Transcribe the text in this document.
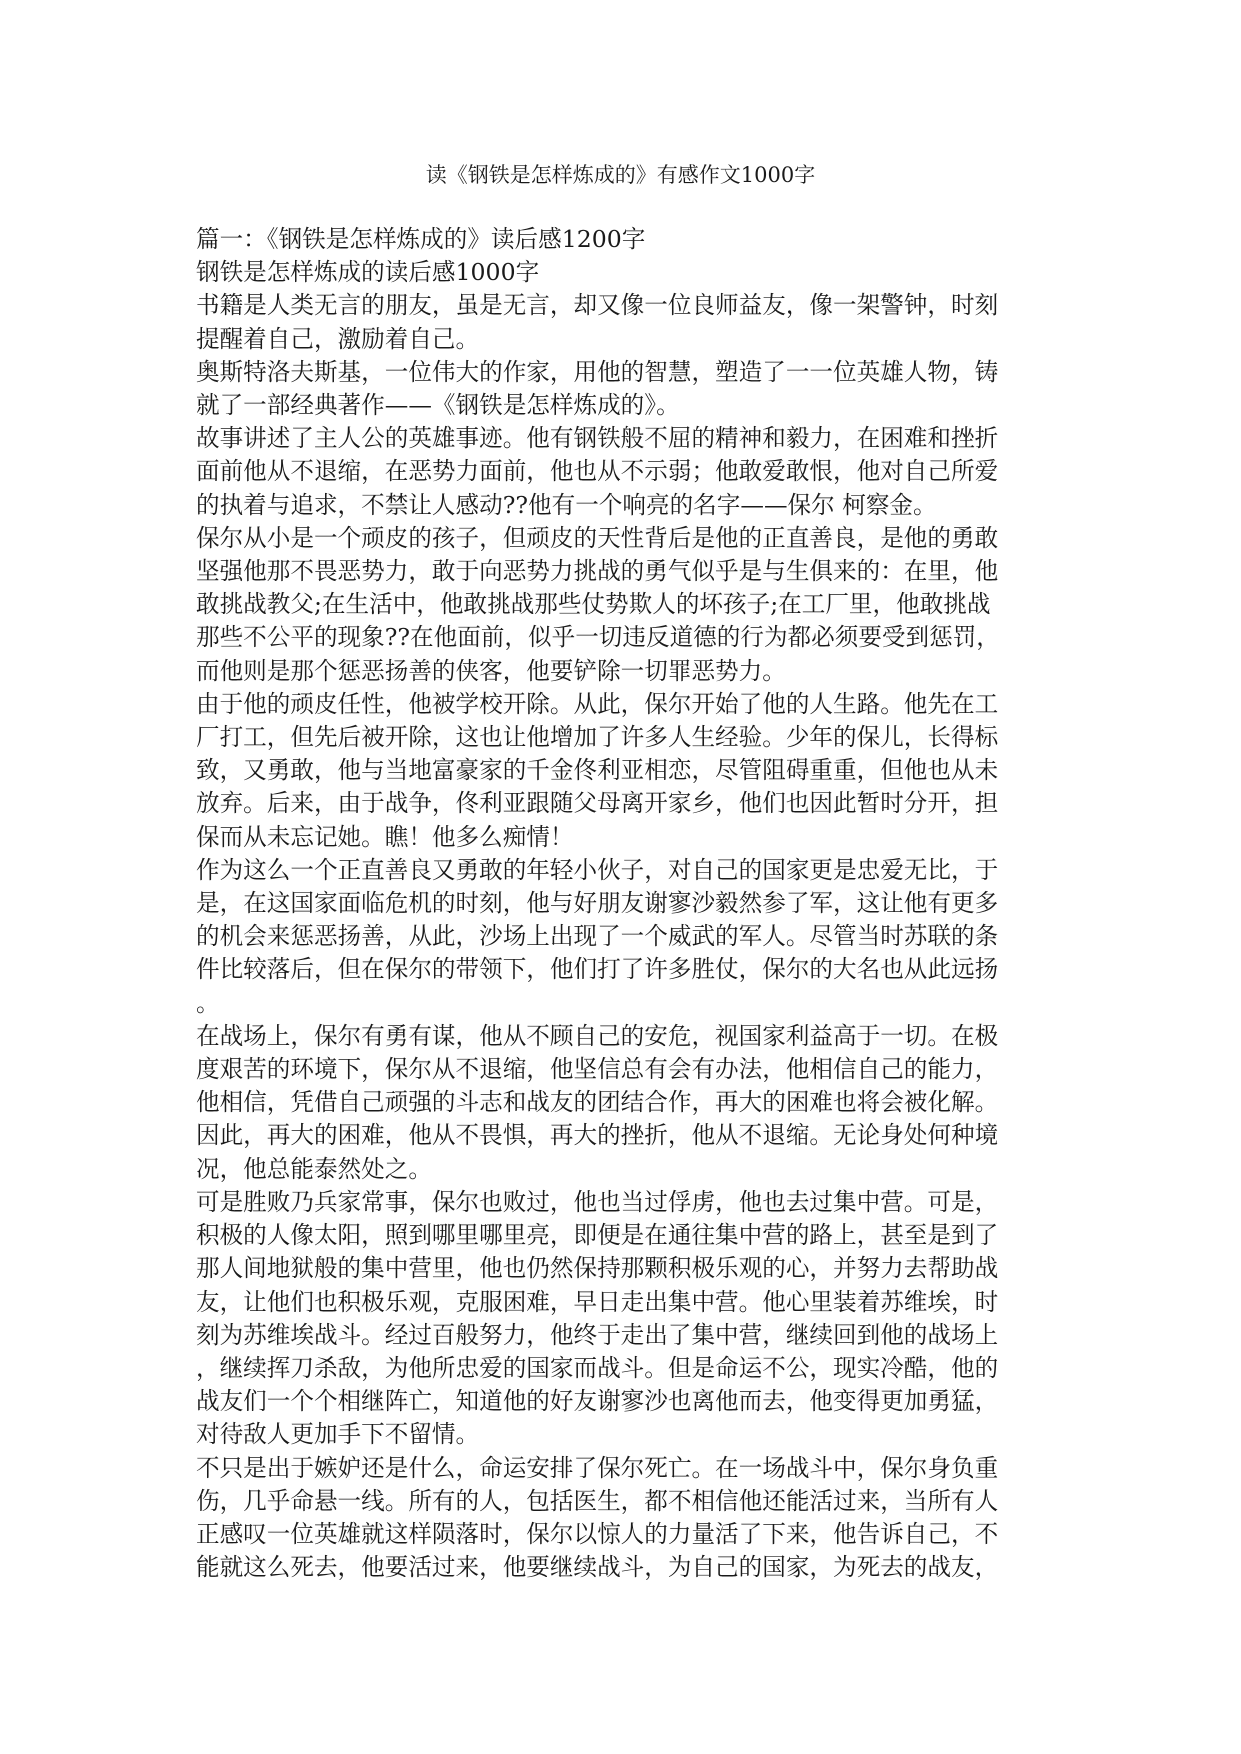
读《钢铁是怎样炼成的》有感作文1000字

篇一：《钢铁是怎样炼成的》读后感1200字

钢铁是怎样炼成的读后感1000字

书籍是人类无言的朋友，虽是无言，却又像一位良师益友，像一架警钟，时刻

提醒着自己，激励着自己。

奥斯特洛夫斯基，一位伟大的作家，用他的智慧，塑造了一一位英雄人物，铸

就了一部经典著作——《钢铁是怎样炼成的》。

故事讲述了主人公的英雄事迹。他有钢铁般不屈的精神和毅力，在困难和挫折

面前他从不退缩，在恶势力面前，他也从不示弱；他敢爱敢恨，他对自己所爱

的执着与追求，不禁让人感动??他有一个响亮的名字——保尔 柯察金。

保尔从小是一个顽皮的孩子，但顽皮的天性背后是他的正直善良，是他的勇敢

坚强他那不畏恶势力，敢于向恶势力挑战的勇气似乎是与生俱来的：在里，他

敢挑战教父;在生活中，他敢挑战那些仗势欺人的坏孩子;在工厂里，他敢挑战

那些不公平的现象??在他面前，似乎一切违反道德的行为都必须要受到惩罚，

而他则是那个惩恶扬善的侠客，他要铲除一切罪恶势力。

由于他的顽皮任性，他被学校开除。从此，保尔开始了他的人生路。他先在工

厂打工，但先后被开除，这也让他增加了许多人生经验。少年的保儿，长得标

致，又勇敢，他与当地富豪家的千金佟利亚相恋，尽管阻碍重重，但他也从未

放弃。后来，由于战争，佟利亚跟随父母离开家乡，他们也因此暂时分开，担

保而从未忘记她。瞧！他多么痴情！

作为这么一个正直善良又勇敢的年轻小伙子，对自己的国家更是忠爱无比，于

是，在这国家面临危机的时刻，他与好朋友谢寥沙毅然参了军，这让他有更多

的机会来惩恶扬善，从此，沙场上出现了一个威武的军人。尽管当时苏联的条

件比较落后，但在保尔的带领下，他们打了许多胜仗，保尔的大名也从此远扬

。

在战场上，保尔有勇有谋，他从不顾自己的安危，视国家利益高于一切。在极

度艰苦的环境下，保尔从不退缩，他坚信总有会有办法，他相信自己的能力，

他相信，凭借自己顽强的斗志和战友的团结合作，再大的困难也将会被化解。

因此，再大的困难，他从不畏惧，再大的挫折，他从不退缩。无论身处何种境

况，他总能泰然处之。

可是胜败乃兵家常事，保尔也败过，他也当过俘虏，他也去过集中营。可是，

积极的人像太阳，照到哪里哪里亮，即便是在通往集中营的路上，甚至是到了

那人间地狱般的集中营里，他也仍然保持那颗积极乐观的心，并努力去帮助战

友，让他们也积极乐观，克服困难，早日走出集中营。他心里装着苏维埃，时

刻为苏维埃战斗。经过百般努力，他终于走出了集中营，继续回到他的战场上

，继续挥刀杀敌，为他所忠爱的国家而战斗。但是命运不公，现实冷酷，他的

战友们一个个相继阵亡，知道他的好友谢寥沙也离他而去，他变得更加勇猛，

对待敌人更加手下不留情。

不只是出于嫉妒还是什么，命运安排了保尔死亡。在一场战斗中，保尔身负重

伤，几乎命悬一线。所有的人，包括医生，都不相信他还能活过来，当所有人

正感叹一位英雄就这样陨落时，保尔以惊人的力量活了下来，他告诉自己，不

能就这么死去，他要活过来，他要继续战斗，为自己的国家，为死去的战友，
